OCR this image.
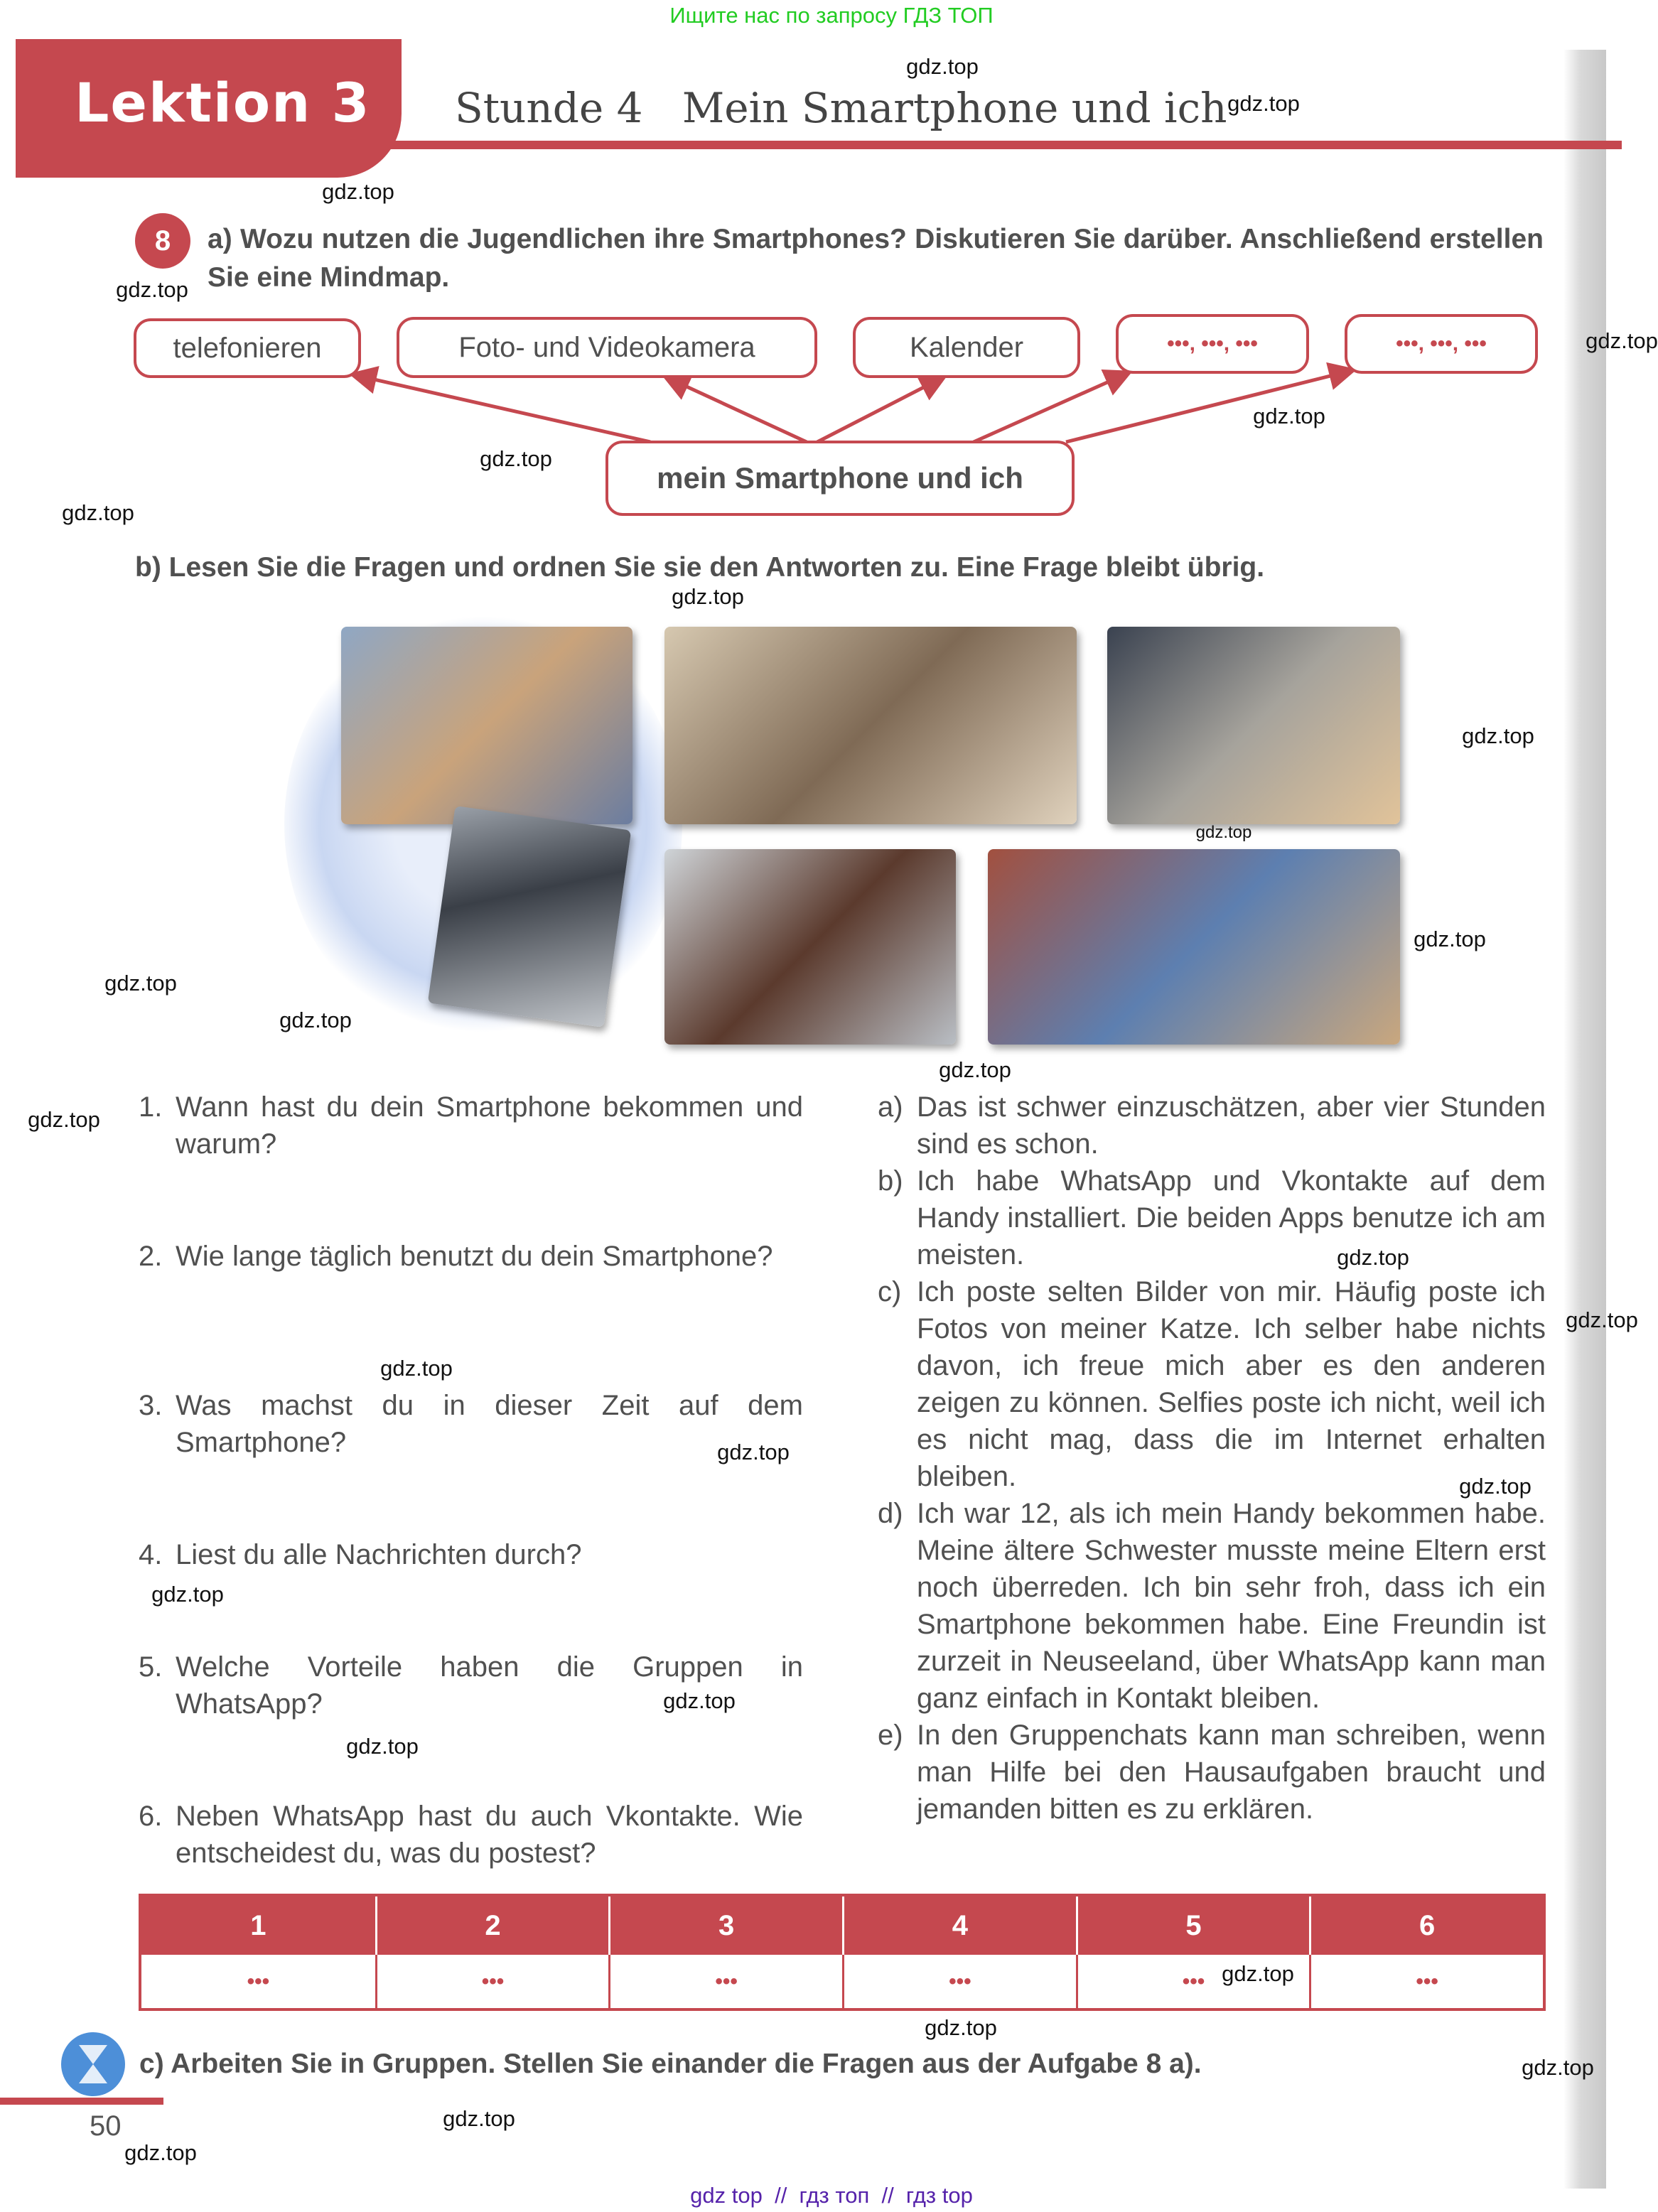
Ищите нас по запросу ГДЗ ТОП
Lektion 3 Stunde 4   Mein Smartphone und ich
8	a) Wozu nutzen die Jugendlichen ihre Smartphones? Diskutieren Sie darüber. Anschließend erstellen Sie eine Mindmap.
telefonieren	Foto- und Videokamera	Kalender	•••, •••, •••	•••, •••, •••
mein Smartphone und ich
b) Lesen Sie die Fragen und ordnen Sie sie den Antworten zu. Eine Frage bleibt übrig.
1. Wann hast du dein Smartphone bekommen und warum?
2. Wie lange täglich benutzt du dein Smartphone?
3. Was machst du in dieser Zeit auf dem Smartphone?
4. Liest du alle Nachrichten durch?
5. Welche Vorteile haben die Gruppen in WhatsApp?
6. Neben WhatsApp hast du auch Vkontakte. Wie entscheidest du, was du postest?
a) Das ist schwer einzuschätzen, aber vier Stunden sind es schon.
b) Ich habe WhatsApp und Vkontakte auf dem Handy installiert. Die beiden Apps benutze ich am meisten.
c) Ich poste selten Bilder von mir. Häufig poste ich Fotos von meiner Katze. Ich selber habe nichts davon, ich freue mich aber es den anderen zeigen zu können. Selfies poste ich nicht, weil ich es nicht mag, dass die im Internet erhalten bleiben.
d) Ich war 12, als ich mein Handy bekommen habe. Meine ältere Schwester musste meine Eltern erst noch überreden. Ich bin sehr froh, dass ich ein Smartphone bekommen habe. Eine Freundin ist zurzeit in Neuseeland, über WhatsApp kann man ganz einfach in Kontakt bleiben.
e) In den Gruppenchats kann man schreiben, wenn man Hilfe bei den Hausaufgaben braucht und jemanden bitten es zu erklären.
1	2	3	4	5	6
•••	•••	•••	•••	•••	•••
c) Arbeiten Sie in Gruppen. Stellen Sie einander die Fragen aus der Aufgabe 8 a).
50
gdz top  //  гдз топ  //  гдз top
gdz.top
gdz.top
gdz.top
gdz.top
gdz.top
gdz.top
gdz.top
gdz.top
gdz.top
gdz.top
gdz.top
gdz.top
gdz.top
gdz.top
gdz.top
gdz.top
gdz.top
gdz.top
gdz.top
gdz.top
gdz.top
gdz.top
gdz.top
gdz.top
gdz.top
gdz.top
gdz.top
gdz.top
gdz.top
